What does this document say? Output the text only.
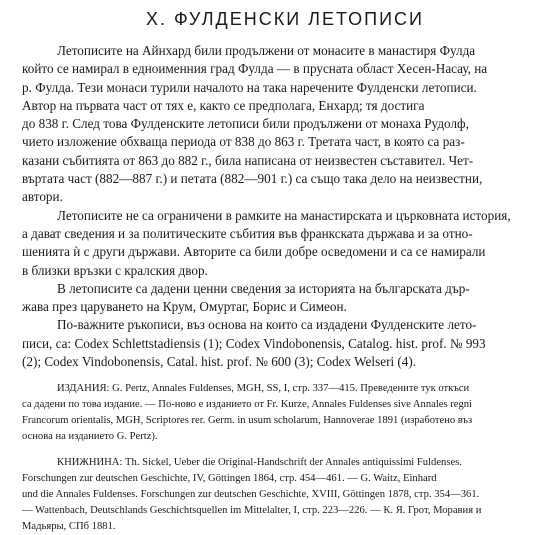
X. ФУЛДЕНСКИ ЛЕТОПИСИ
Летописите на Айнхард били продължени от монасите в манастиря Фулда
който се намирал в едноименния град Фулда — в прусната област Хесен-Насау, на
р. Фулда. Тези монаси турили началото на така наречените Фулденски летописи.
Автор на първата част от тях е, както се предполага, Енхард; тя достига
до 838 г. След това Фулденските летописи били продължени от монаха Рудолф,
чието изложение обхваща периода от 838 до 863 г. Третата част, в която са раз-
казани събитията от 863 до 882 г., била написана от неизвестен съставител. Чет-
въртата част (882—887 г.) и петата (882—901 г.) са също така дело на неизвестни,
автори.
Летописите не са ограничени в рамките на манастирската и църковната история,
а дават сведения и за политическите събития във франкската държава и за отно-
шенията ѝ с други държави. Авторите са били добре осведомени и са се намирали
в близки връзки с кралския двор.
В летописите са дадени ценни сведения за историята на българската дър-
жава през царуването на Крум, Омуртаг, Борис и Симеон.
По-важните ръкописи, въз основа на които са издадени Фулденските лето-
писи, са: Codex Schlettstadiensis (1); Codex Vindobonensis, Catalog. hist. prof. № 993
(2); Codex Vindobonensis, Catal. hist. prof. № 600 (3); Codex Welseri (4).
ИЗДАНИЯ: G. Pertz, Annales Fuldenses, MGH, SS, I, стр. 337—415. Преведените тук откъси
са дадени по това издание. — По-ново е изданието от Fr. Kurze, Annales Fuldenses sive Annales regni
Francorum orientalis, MGH, Scriptores rer. Germ. in usum scholarum, Hannoverae 1891 (изработено въз
основа на изданието G. Pertz).
КНИЖНИНА: Th. Sickel, Ueber die Original-Handschrift der Annales antiquissimi Fuldenses.
Forschungen zur deutschen Geschichte, IV, Göttingen 1864, стр. 454—461. — G. Waitz, Einhard
und die Annales Fuldenses. Forschungen zur deutschen Geschichte, XVIII, Göttingen 1878, стр. 354—361.
— Wattenbach, Deutschlands Geschichtsquellen im Mittelalter, I, стр. 223—226. — К. Я. Грот, Моравия и
Мадьяры, СПб 1881.
